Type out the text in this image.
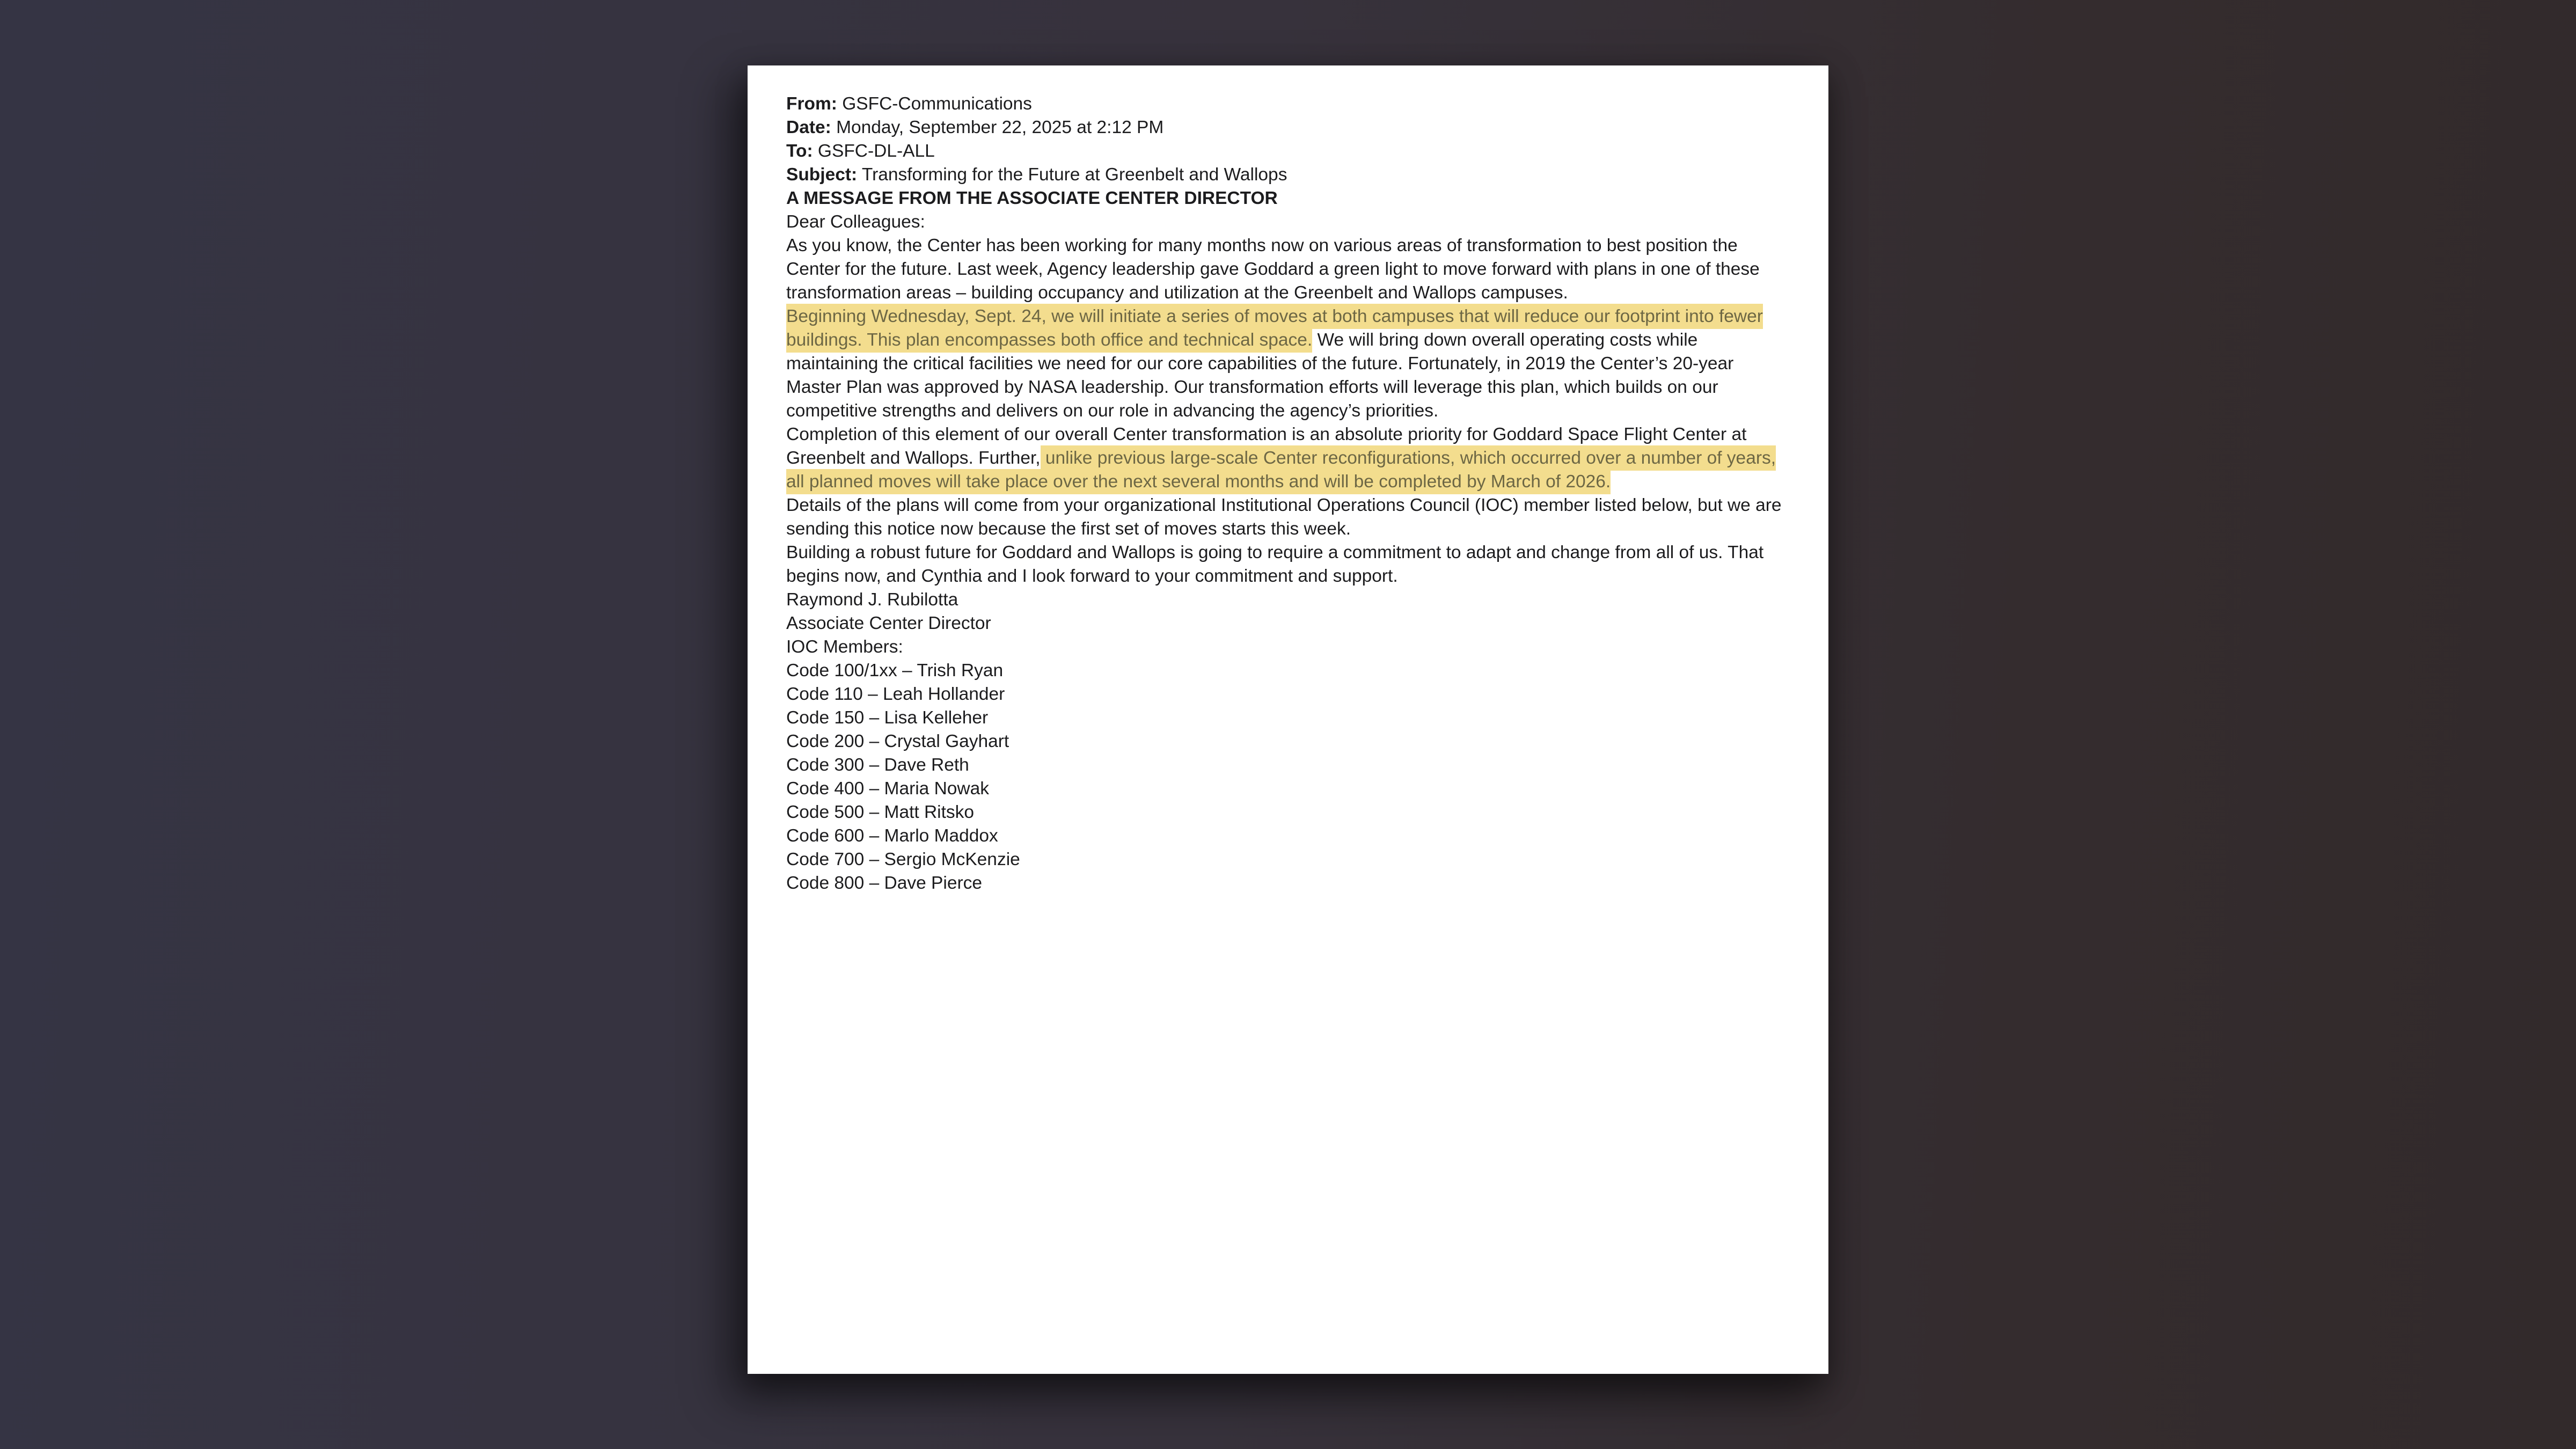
From: GSFC-Communications

Date: Monday, September 22, 2025 at 2:12 PM

To: GSFC-DL-ALL

Subject: Transforming for the Future at Greenbelt and Wallops

A MESSAGE FROM THE ASSOCIATE CENTER DIRECTOR

Dear Colleagues:

As you know, the Center has been working for many months now on various areas of transformation to best position the Center for the future. Last week, Agency leadership gave Goddard a green light to move forward with plans in one of these transformation areas – building occupancy and utilization at the Greenbelt and Wallops campuses.

Beginning Wednesday, Sept. 24, we will initiate a series of moves at both campuses that will reduce our footprint into fewer buildings. This plan encompasses both office and technical space. We will bring down overall operating costs while maintaining the critical facilities we need for our core capabilities of the future. Fortunately, in 2019 the Center’s 20-year Master Plan was approved by NASA leadership. Our transformation efforts will leverage this plan, which builds on our competitive strengths and delivers on our role in advancing the agency’s priorities.

Completion of this element of our overall Center transformation is an absolute priority for Goddard Space Flight Center at Greenbelt and Wallops. Further, unlike previous large-scale Center reconfigurations, which occurred over a number of years, all planned moves will take place over the next several months and will be completed by March of 2026.

Details of the plans will come from your organizational Institutional Operations Council (IOC) member listed below, but we are sending this notice now because the first set of moves starts this week.

Building a robust future for Goddard and Wallops is going to require a commitment to adapt and change from all of us. That begins now, and Cynthia and I look forward to your commitment and support.

Raymond J. Rubilotta

Associate Center Director

IOC Members:

Code 100/1xx – Trish Ryan

Code 110 – Leah Hollander

Code 150 – Lisa Kelleher

Code 200 – Crystal Gayhart

Code 300 – Dave Reth

Code 400 – Maria Nowak

Code 500 – Matt Ritsko

Code 600 – Marlo Maddox

Code 700 – Sergio McKenzie

Code 800 – Dave Pierce
